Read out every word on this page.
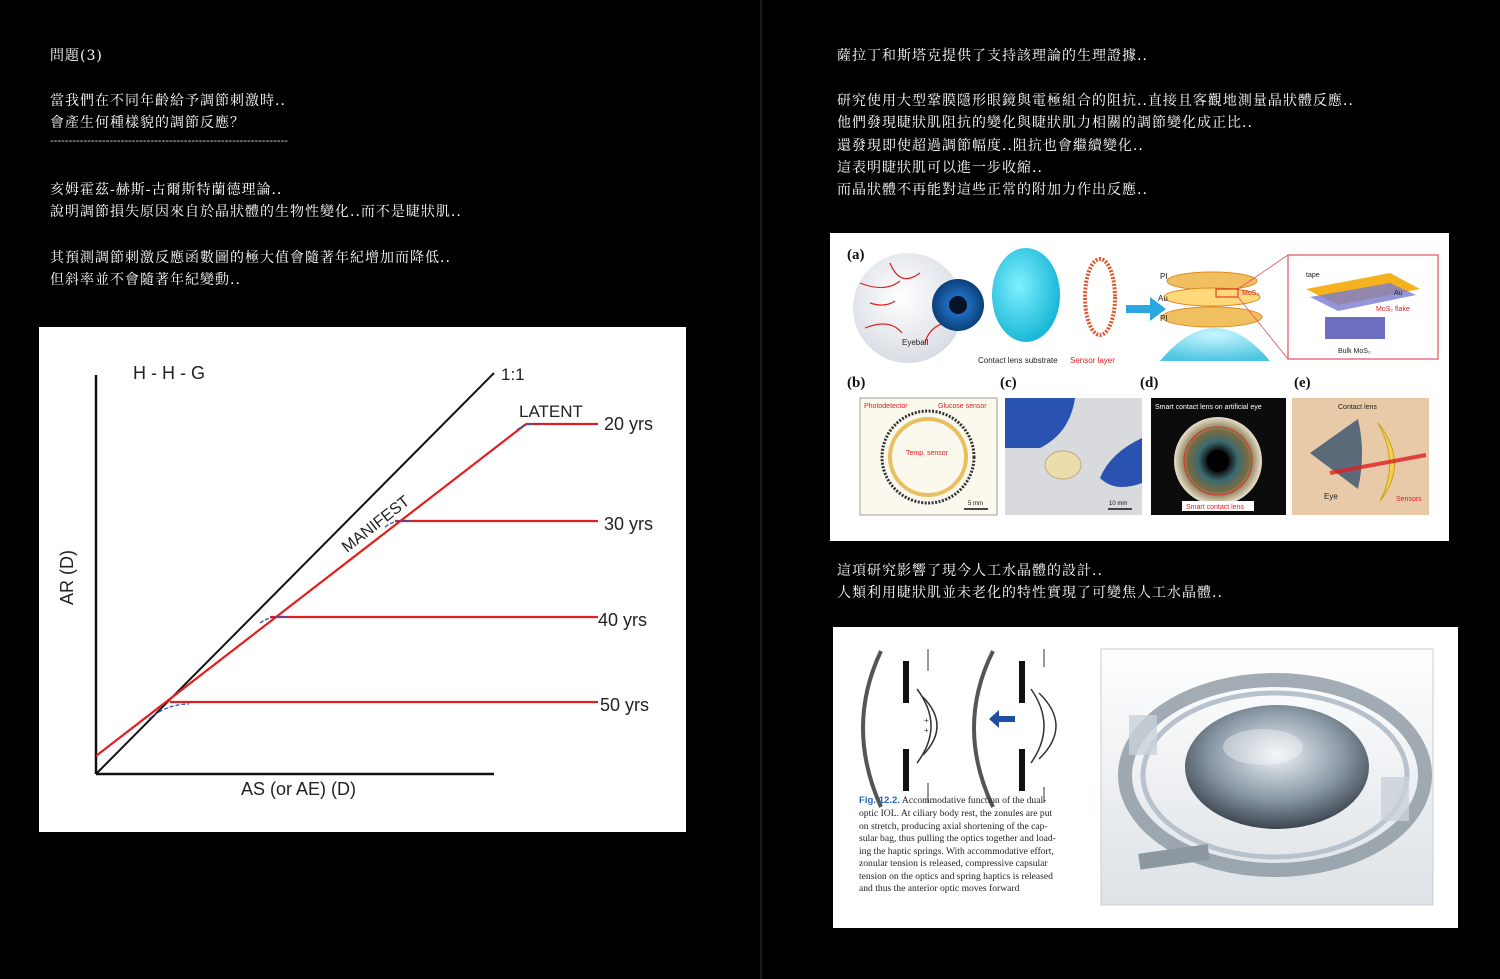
問題(3)
當我們在不同年齡給予調節刺激時..
會產生何種樣貌的調節反應？
----------------------------------------------------------------
亥姆霍茲-赫斯-古爾斯特蘭德理論..
說明調節損失原因來自於晶狀體的生物性變化..而不是睫狀肌..
其預測調節刺激反應函數圖的極大值會隨著年紀增加而降低..
但斜率並不會隨著年紀變動..
H - H - G	1:1
LATENT
MANIFEST
20 yrs
30 yrs
40 yrs
50 yrs
AS (or AE) (D)
AR (D)
薩拉丁和斯塔克提供了支持該理論的生理證據..
研究使用大型鞏膜隱形眼鏡與電極組合的阻抗..直接且客觀地測量晶狀體反應..
他們發現睫狀肌阻抗的變化與睫狀肌力相關的調節變化成正比..
還發現即使超過調節幅度..阻抗也會繼續變化..
這表明睫狀肌可以進一步收縮..
而晶狀體不再能對這些正常的附加力作出反應..
(a)
Eyeball
Contact lens substrate Sensor layer
PI
Au
PI
MoS₂
tape
Au
MoS₂ flake
Bulk MoS₂
(b)	(c)	(d)	(e)
Photodetector	Glucose sensor
Temp. sensor
5 mm	10 mm
Smart contact lens on artificial eye
Smart contact lens
Contact lens
Eye	Sensors
這項研究影響了現今人工水晶體的設計..
人類利用睫狀肌並未老化的特性實現了可變焦人工水晶體..
+
+
Fig. 12.2. Accommodative function of the dual- optic IOL. At ciliary body rest, the zonules are put on stretch, producing axial shortening of the cap- sular bag, thus pulling the optics together and load- ing the haptic springs. With accommodative effort, zonular tension is released, compressive capsular tension on the optics and spring haptics is released and thus the anterior optic moves forward
